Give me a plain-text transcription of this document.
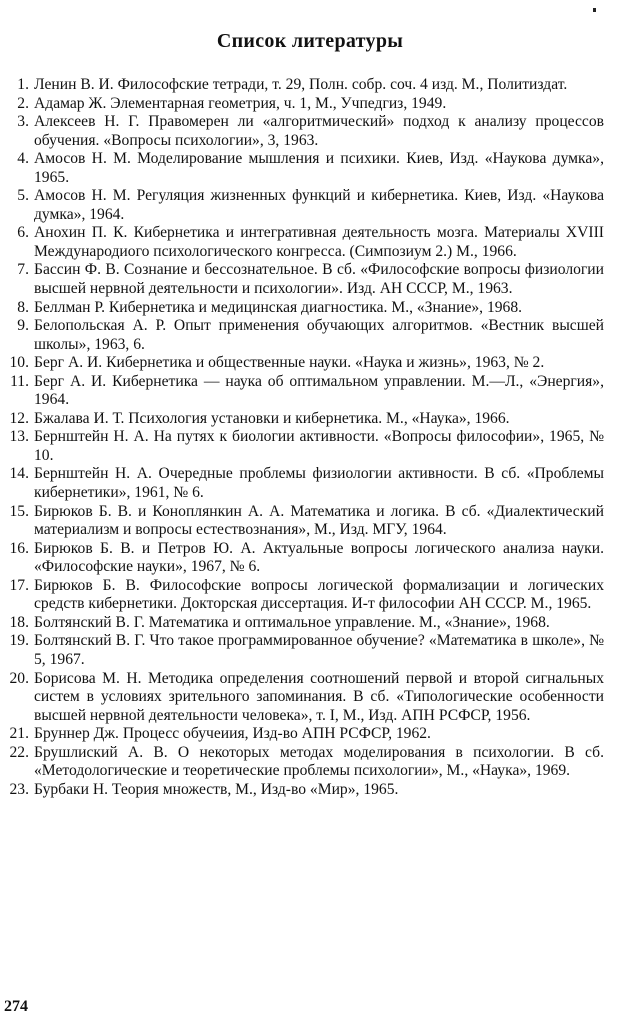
Список литературы
1. Ленин В. И. Философские тетради, т. 29, Полн. собр. соч. 4 изд. М., Политиздат.
2. Адамар Ж. Элементарная геометрия, ч. 1, М., Учпедгиз, 1949.
3. Алексеев Н. Г. Правомерен ли «алгоритмический» подход к анализу процессов обучения. «Вопросы психологии», 3, 1963.
4. Амосов Н. М. Моделирование мышления и психики. Киев, Изд. «Наукова думка», 1965.
5. Амосов Н. М. Регуляция жизненных функций и кибернетика. Киев, Изд. «Наукова думка», 1964.
6. Анохин П. К. Кибернетика и интегративная деятельность мозга. Материалы XVIII Международиого психологического конгресса. (Симпозиум 2.) М., 1966.
7. Бассин Ф. В. Сознание и бессознательное. В сб. «Философские вопросы физиологии высшей нервной деятельности и психологии». Изд. АН СССР, М., 1963.
8. Беллман Р. Кибернетика и медицинская диагностика. М., «Знание», 1968.
9. Белопольская А. Р. Опыт применения обучающих алгоритмов. «Вестник высшей школы», 1963, 6.
10. Берг А. И. Кибернетика и общественные науки. «Наука и жизнь», 1963, № 2.
11. Берг А. И. Кибернетика — наука об оптимальном управлении. М.—Л., «Энергия», 1964.
12. Бжалава И. Т. Психология установки и кибернетика. М., «Наука», 1966.
13. Бернштейн Н. А. На путях к биологии активности. «Вопросы философии», 1965, № 10.
14. Бернштейн Н. А. Очередные проблемы физиологии активности. В сб. «Проблемы кибернетики», 1961, № 6.
15. Бирюков Б. В. и Коноплянкин А. А. Математика и логика. В сб. «Диалектический материализм и вопросы естествознания», М., Изд. МГУ, 1964.
16. Бирюков Б. В. и Петров Ю. А. Актуальные вопросы логического анализа науки. «Философские науки», 1967, № 6.
17. Бирюков Б. В. Философские вопросы логической формализации и логических средств кибернетики. Докторская диссертация. И-т философии АН СССР. М., 1965.
18. Болтянский В. Г. Математика и оптимальное управление. М., «Знание», 1968.
19. Болтянский В. Г. Что такое программированное обучение? «Математика в школе», № 5, 1967.
20. Борисова М. Н. Методика определения соотношений первой и второй сигнальных систем в условиях зрительного запоминания. В сб. «Типологические особенности высшей нервной деятельности человека», т. I, М., Изд. АПН РСФСР, 1956.
21. Бруннер Дж. Процесс обучеиия, Изд-во АПН РСФСР, 1962.
22. Брушлиский А. В. О некоторых методах моделирования в психологии. В сб. «Методологические и теоретические проблемы психологии», М., «Наука», 1969.
23. Бурбаки Н. Теория множеств, М., Изд-во «Мир», 1965.
274
